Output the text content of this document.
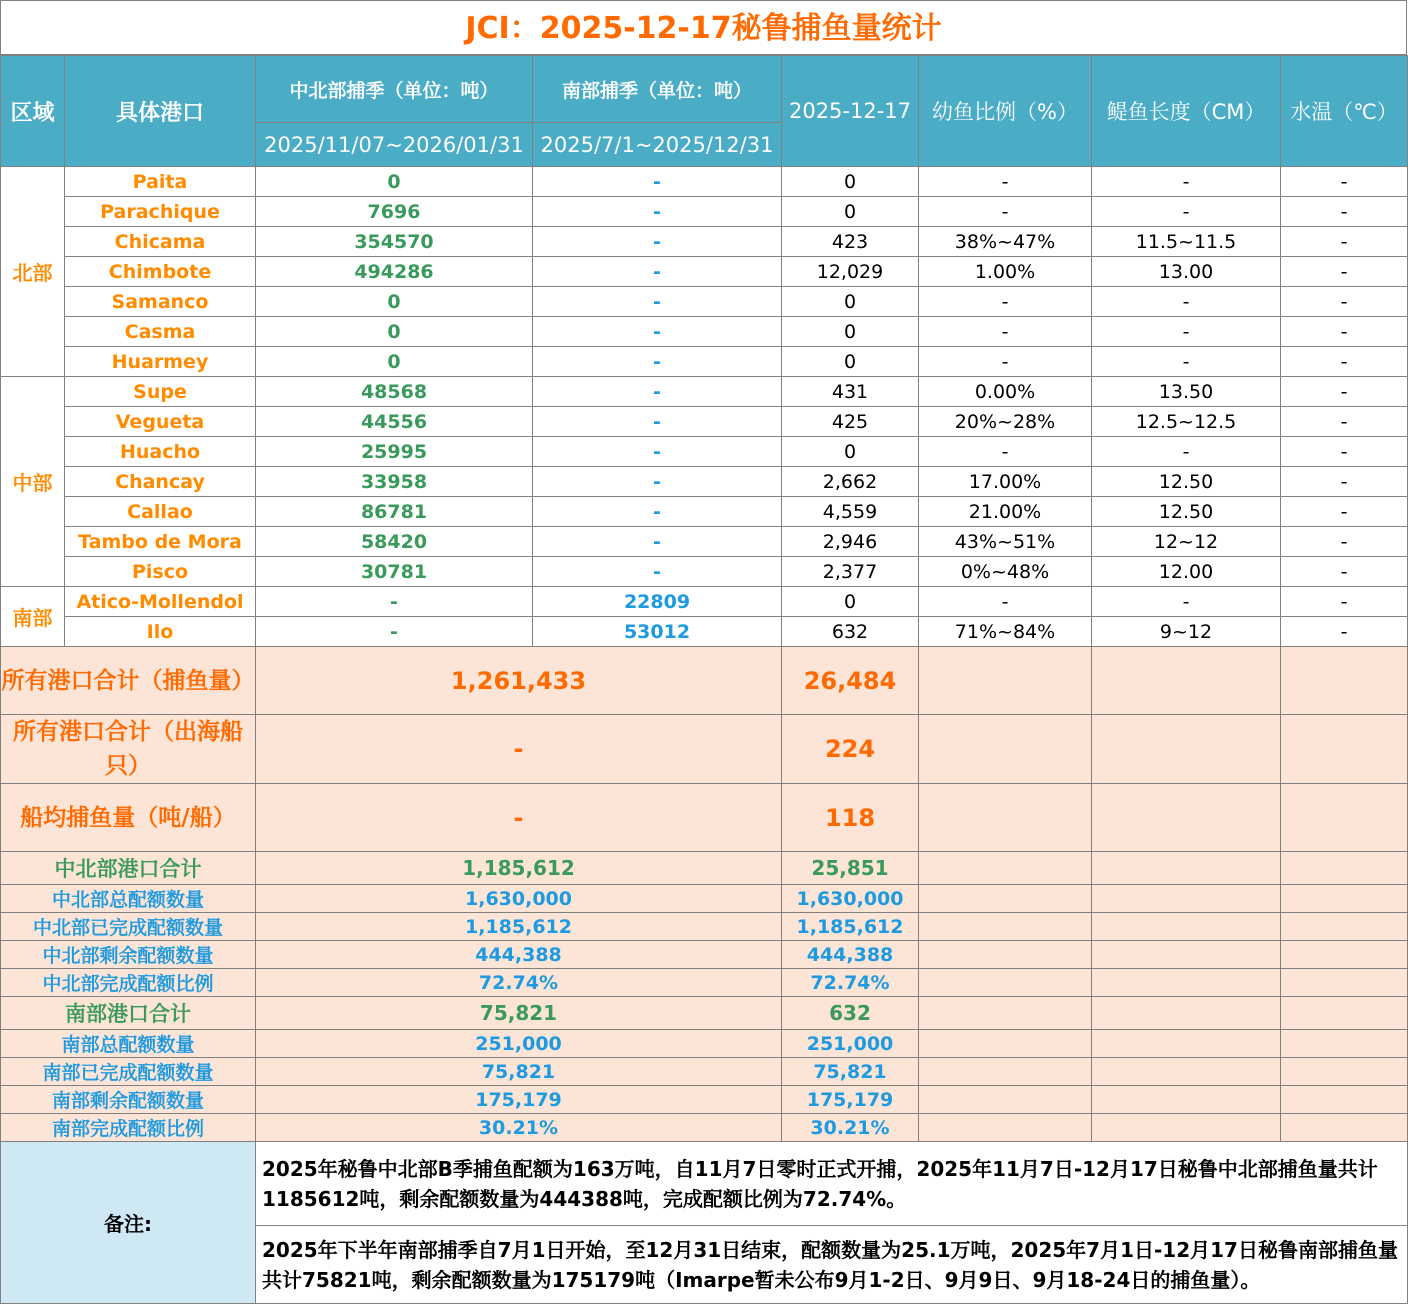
JCI：2025-12-17秘鲁捕鱼量统计
区域	具体港口	中北部捕季（单位：吨）	南部捕季（单位：吨）	2025-12-17	幼鱼比例（%）	鳀鱼长度（CM）	水温（℃）
		2025/11/07~2026/01/31	2025/7/1~2025/12/31				
北部	Paita	0	-	0	-	-	-
	Parachique	7696	-	0	-	-	-
	Chicama	354570	-	423	38%~47%	11.5~11.5	-
	Chimbote	494286	-	12,029	1.00%	13.00	-
	Samanco	0	-	0	-	-	-
	Casma	0	-	0	-	-	-
	Huarmey	0	-	0	-	-	-
中部	Supe	48568	-	431	0.00%	13.50	-
	Vegueta	44556	-	425	20%~28%	12.5~12.5	-
	Huacho	25995	-	0	-	-	-
	Chancay	33958	-	2,662	17.00%	12.50	-
	Callao	86781	-	4,559	21.00%	12.50	-
	Tambo de Mora	58420	-	2,946	43%~51%	12~12	-
	Pisco	30781	-	2,377	0%~48%	12.00	-
南部	Atico-Mollendol	-	22809	0	-	-	-
	Ilo	-	53012	632	71%~84%	9~12	-
所有港口合计（捕鱼量）		1,261,433		26,484			
所有港口合计（出海船只）		-		224			
船均捕鱼量（吨/船）		-		118			
中北部港口合计		1,185,612		25,851			
中北部总配额数量		1,630,000		1,630,000			
中北部已完成配额数量		1,185,612		1,185,612			
中北部剩余配额数量		444,388		444,388			
中北部完成配额比例		72.74%		72.74%			
南部港口合计		75,821		632			
南部总配额数量		251,000		251,000			
南部已完成配额数量		75,821		75,821			
南部剩余配额数量		175,179		175,179			
南部完成配额比例		30.21%		30.21%			
备注:		2025年秘鲁中北部B季捕鱼配额为163万吨，自11月7日零时正式开捕，2025年11月7日-12月17日秘鲁中北部捕鱼量共计1185612吨，剩余配额数量为444388吨，完成配额比例为72.74%。					
		2025年下半年南部捕季自7月1日开始，至12月31日结束，配额数量为25.1万吨，2025年7月1日-12月17日秘鲁南部捕鱼量共计75821吨，剩余配额数量为175179吨（Imarpe暂未公布9月1-2日、9月9日、9月18-24日的捕鱼量）。					
